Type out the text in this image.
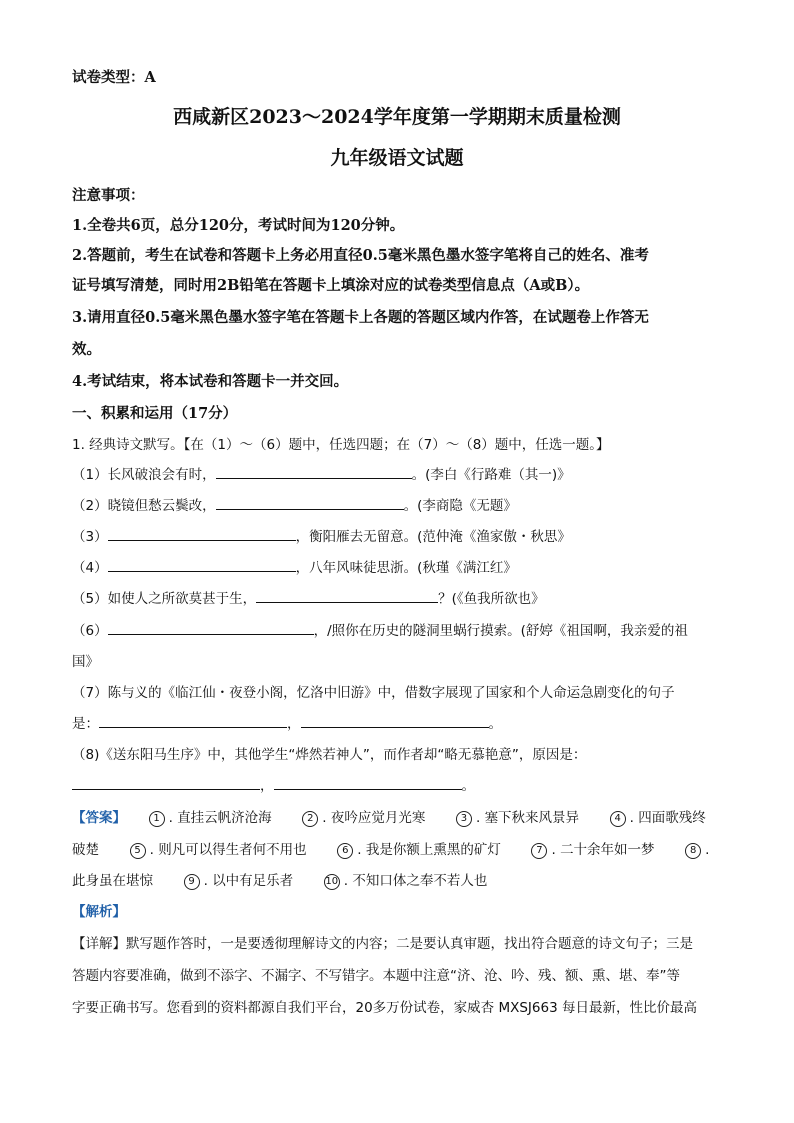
试卷类型：A
西咸新区2023～2024学年度第一学期期末质量检测
九年级语文试题
注意事项：
1.全卷共6页，总分120分，考试时间为120分钟。
2.答题前，考生在试卷和答题卡上务必用直径0.5毫米黑色墨水签字笔将自己的姓名、准考
证号填写清楚，同时用2B铅笔在答题卡上填涂对应的试卷类型信息点（A或B）。
3.请用直径0.5毫米黑色墨水签字笔在答题卡上各题的答题区域内作答，在试题卷上作答无
效。
4.考试结束，将本试卷和答题卡一并交回。
一、积累和运用（17分）
1. 经典诗文默写。【在（1）～（6）题中，任选四题；在（7）～（8）题中，任选一题。】
（1）长风破浪会有时，	。(李白《行路难（其一)》
（2）晓镜但愁云鬓改，	。(李商隐《无题》
（3）	，衡阳雁去无留意。(范仲淹《渔家傲・秋思》
（4）	，八年风味徒思浙。(秋瑾《满江红》
（5）如使人之所欲莫甚于生，	？(《鱼我所欲也》
（6）	，/照你在历史的隧洞里蜗行摸索。(舒婷《祖国啊，我亲爱的祖
国》
（7）陈与义的《临江仙・夜登小阁，忆洛中旧游》中，借数字展现了国家和个人命运急剧变化的句子
是：	，	。
（8)《送东阳马生序》中，其他学生“烨然若神人”，而作者却“略无慕艳意”，原因是：
，	。
【答案】	1 . 直挂云帆济沧海	2 . 夜吟应觉月光寒	3 . 塞下秋来风景异	4 . 四面歌残终
破楚	5 . 则凡可以得生者何不用也	6 . 我是你额上熏黑的矿灯	7 . 二十余年如一梦	8 .
此身虽在堪惊	9 . 以中有足乐者	10 . 不知口体之奉不若人也
【解析】
【详解】默写题作答时，一是要透彻理解诗文的内容；二是要认真审题，找出符合题意的诗文句子；三是
答题内容要准确，做到不添字、不漏字、不写错字。本题中注意“济、沧、吟、残、额、熏、堪、奉”等
字要正确书写。您看到的资料都源自我们平台，20多万份试卷，家威杏 MXSJ663 每日最新，性比价最高
